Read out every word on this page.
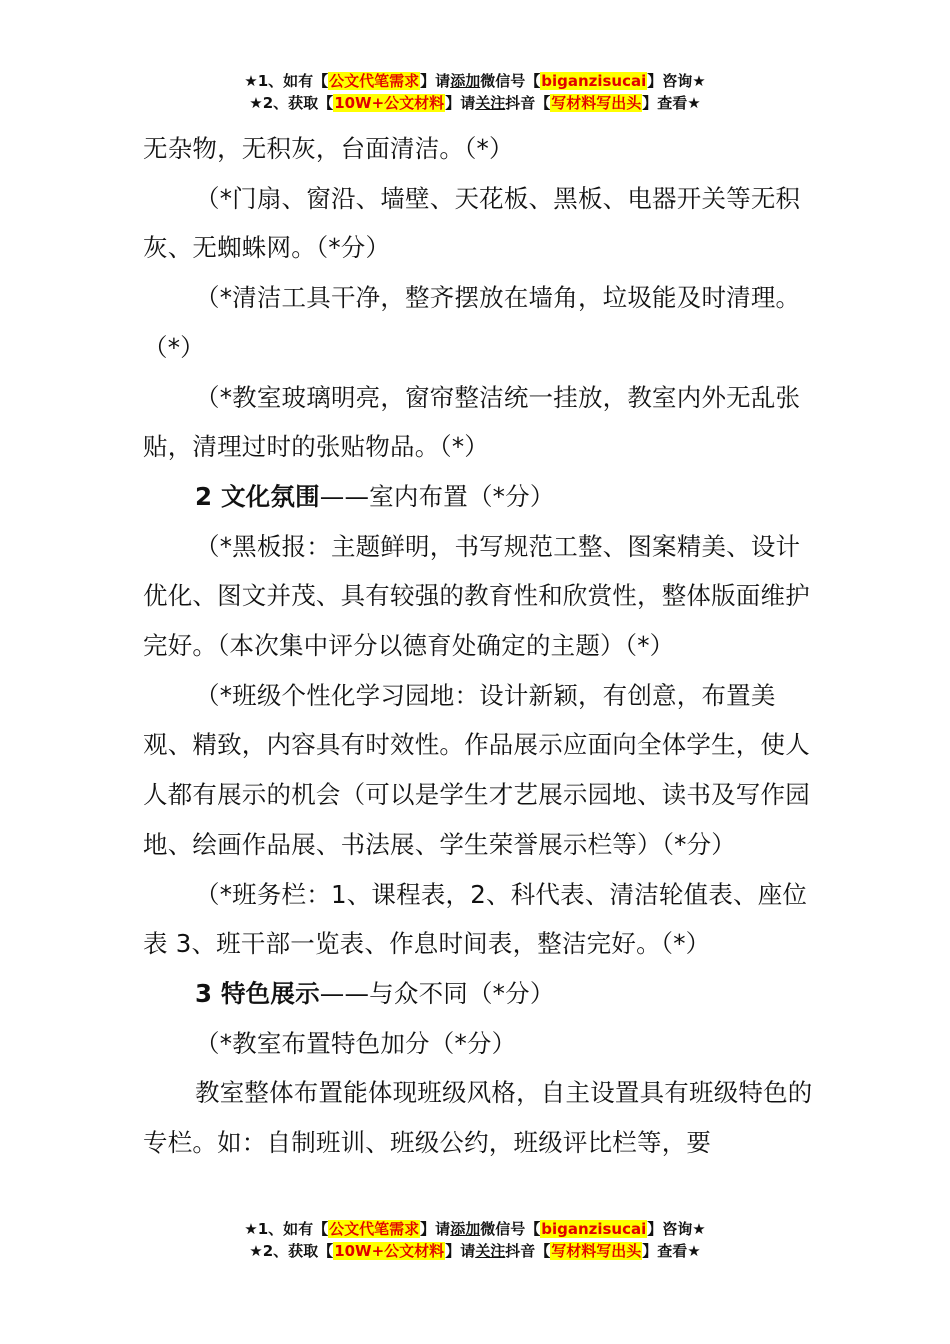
★1、如有【公文代笔需求】请添加微信号【biganzisucai】咨询★
★2、获取【10W+公文材料】请关注抖音【写材料写出头】查看★

无杂物，无积灰，台面清洁。（*）

（*门扇、窗沿、墙壁、天花板、黑板、电器开关等无积灰、无蜘蛛网。（*分）

（*清洁工具干净，整齐摆放在墙角，垃圾能及时清理。（*）

（*教室玻璃明亮，窗帘整洁统一挂放，教室内外无乱张贴，清理过时的张贴物品。（*）

2 文化氛围——室内布置（*分）

（*黑板报：主题鲜明，书写规范工整、图案精美、设计优化、图文并茂、具有较强的教育性和欣赏性，整体版面维护完好。（本次集中评分以德育处确定的主题）（*）

（*班级个性化学习园地：设计新颖，有创意，布置美观、精致，内容具有时效性。作品展示应面向全体学生，使人人都有展示的机会（可以是学生才艺展示园地、读书及写作园地、绘画作品展、书法展、学生荣誉展示栏等）（*分）

（*班务栏：1、课程表，2、科代表、清洁轮值表、座位表 3、班干部一览表、作息时间表，整洁完好。（*）

3 特色展示——与众不同（*分）

（*教室布置特色加分（*分）

教室整体布置能体现班级风格，自主设置具有班级特色的专栏。如：自制班训、班级公约，班级评比栏等，要

★1、如有【公文代笔需求】请添加微信号【biganzisucai】咨询★
★2、获取【10W+公文材料】请关注抖音【写材料写出头】查看★
